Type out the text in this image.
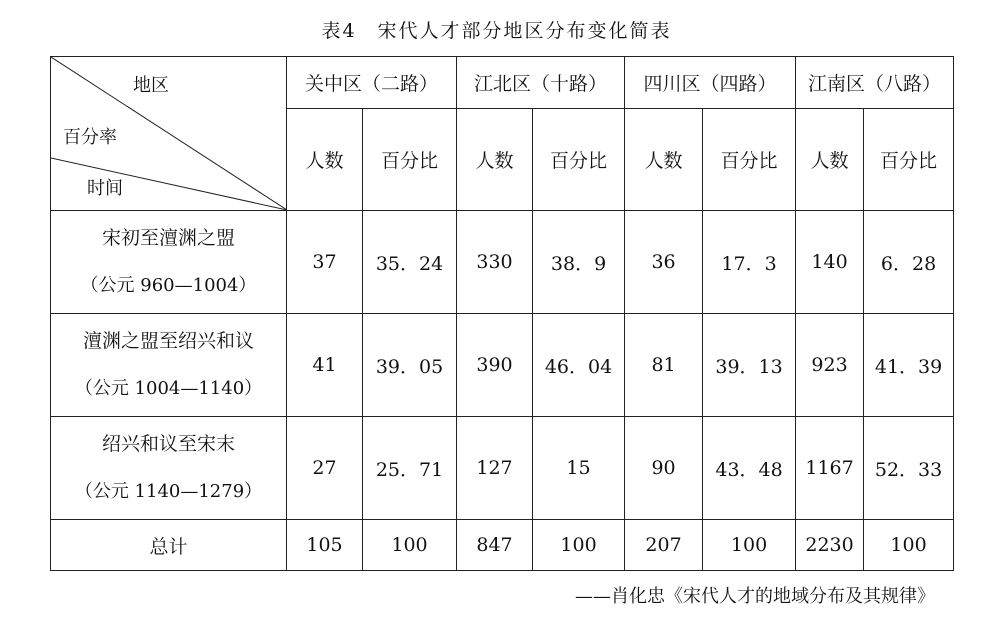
表4　宋代人才部分地区分布变化简表
地区
百分率
时间	关中区（二路）		江北区（十路）		四川区（四路）		江南区（八路）	
	人数	百分比	人数	百分比	人数	百分比	人数	百分比

宋初至澶渊之盟
（公元 960—1004）	37	35．24	330	38．9	36	17．3	140	6．28

澶渊之盟至绍兴和议
（公元 1004—1140）	41	39．05	390	46．04	81	39．13	923	41．39

绍兴和议至宋末
（公元 1140—1279）	27	25．71	127	15	90	43．48	1167	52．33
总计	105	100	847	100	207	100	2230	100
——肖化忠《宋代人才的地域分布及其规律》
